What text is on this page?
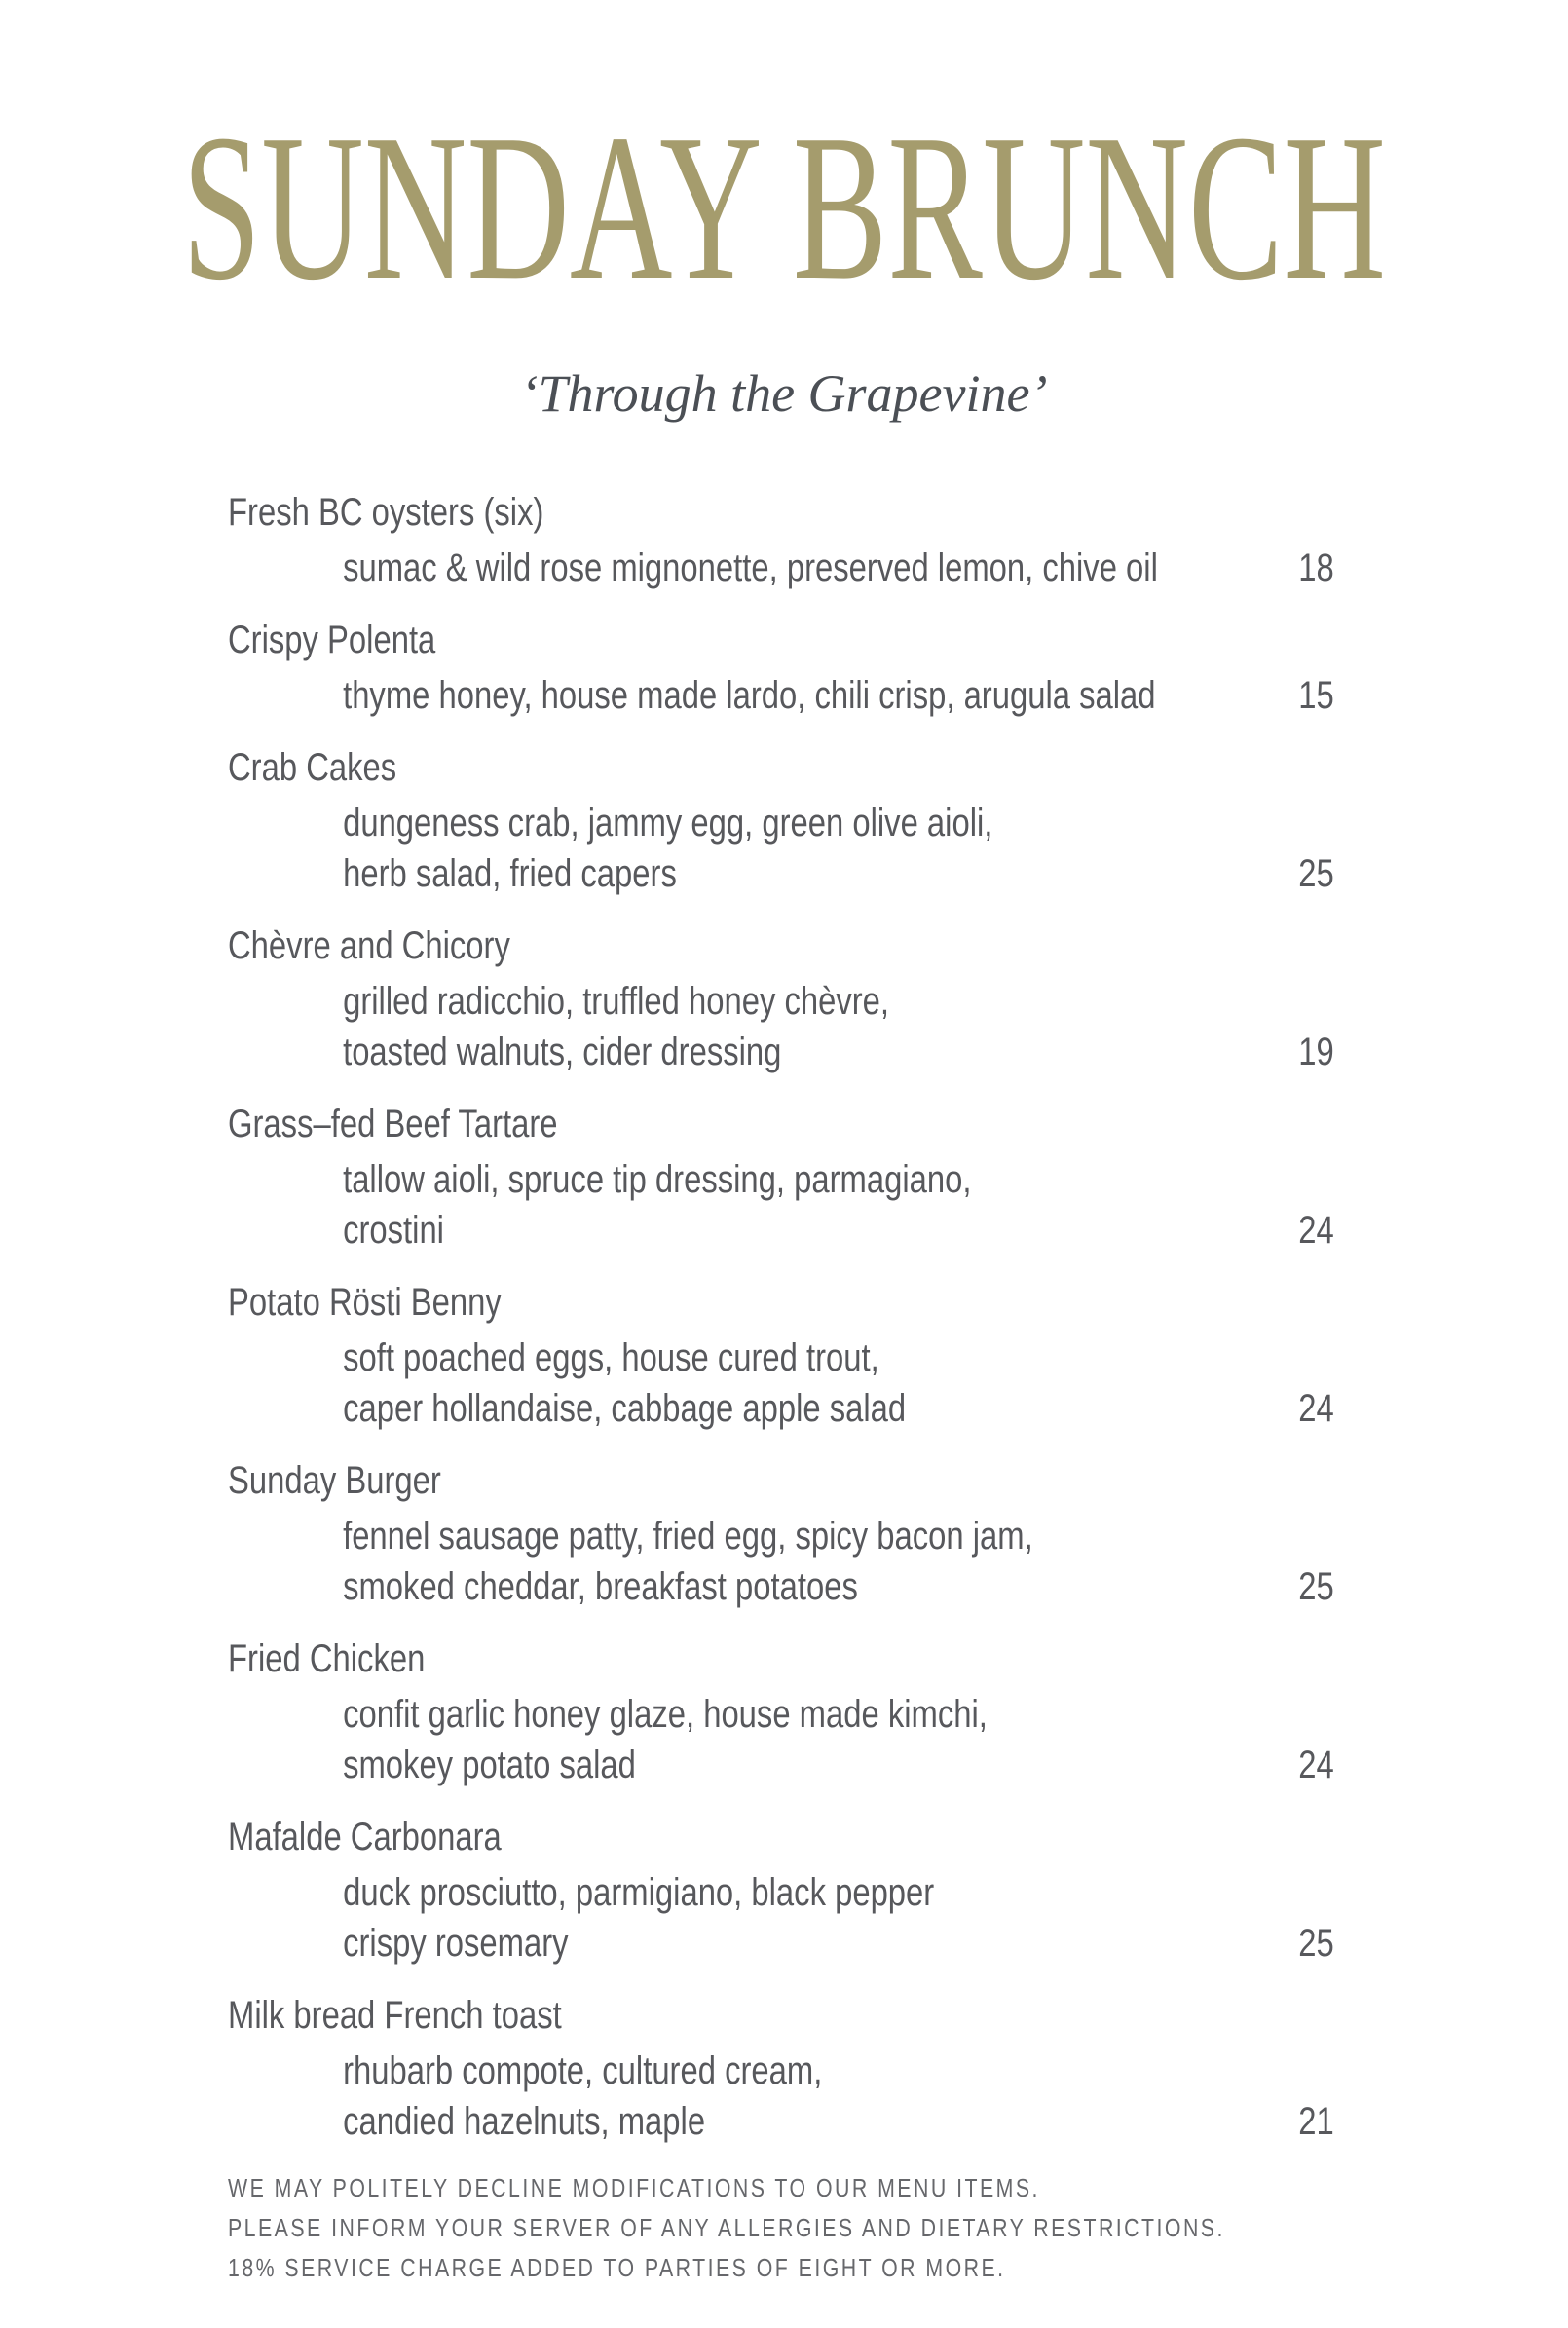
SUNDAY BRUNCH
‘Through the Grapevine’
Fresh BC oysters (six)
sumac & wild rose mignonette, preserved lemon, chive oil	18
Crispy Polenta
thyme honey, house made lardo, chili crisp, arugula salad	15
Crab Cakes
dungeness crab, jammy egg, green olive aioli,
herb salad, fried capers	25
Chèvre and Chicory
grilled radicchio, truffled honey chèvre,
toasted walnuts, cider dressing	19
Grass–fed Beef Tartare
tallow aioli, spruce tip dressing, parmagiano,
crostini	24
Potato Rösti Benny
soft poached eggs, house cured trout,
caper hollandaise, cabbage apple salad	24
Sunday Burger
fennel sausage patty, fried egg, spicy bacon jam,
smoked cheddar, breakfast potatoes	25
Fried Chicken
confit garlic honey glaze, house made kimchi,
smokey potato salad	24
Mafalde Carbonara
duck prosciutto, parmigiano, black pepper
crispy rosemary	25
Milk bread French toast
rhubarb compote, cultured cream,
candied hazelnuts, maple	21
WE MAY POLITELY DECLINE MODIFICATIONS TO OUR MENU ITEMS.
PLEASE INFORM YOUR SERVER OF ANY ALLERGIES AND DIETARY RESTRICTIONS.
18% SERVICE CHARGE ADDED TO PARTIES OF EIGHT OR MORE.
